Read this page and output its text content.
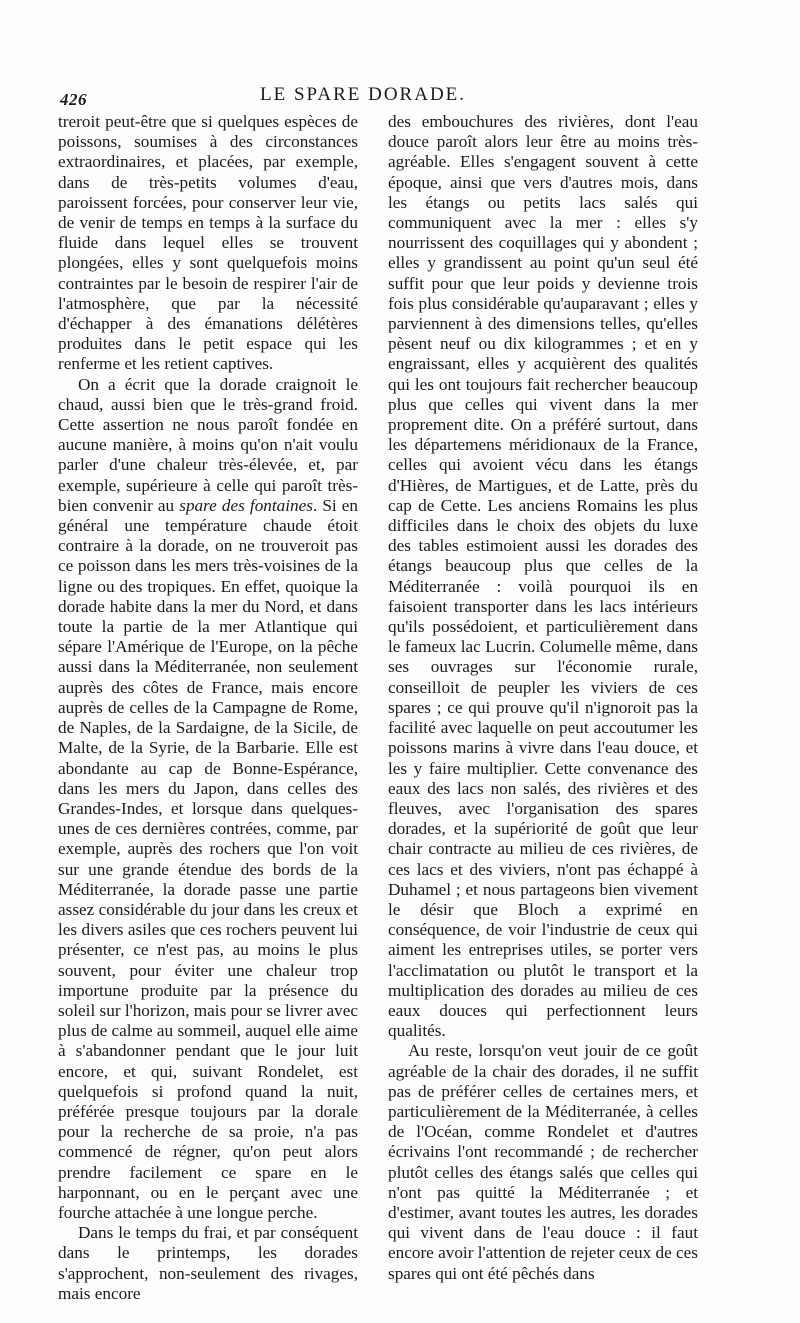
426	LE SPARE DORADE.

treroit peut-être que si quelques espèces de poissons, soumises à des circonstances extraordinaires, et placées, par exemple, dans de très-petits volumes d'eau, paroissent forcées, pour conserver leur vie, de venir de temps en temps à la surface du fluide dans lequel elles se trouvent plongées, elles y sont quelquefois moins contraintes par le besoin de respirer l'air de l'atmosphère, que par la nécessité d'échapper à des émanations délétères produites dans le petit espace qui les renferme et les retient captives.

On a écrit que la dorade craignoit le chaud, aussi bien que le très-grand froid. Cette assertion ne nous paroît fondée en aucune manière, à moins qu'on n'ait voulu parler d'une chaleur très-élevée, et, par exemple, supérieure à celle qui paroît très-bien convenir au spare des fontaines. Si en général une température chaude étoit contraire à la dorade, on ne trouveroit pas ce poisson dans les mers très-voisines de la ligne ou des tropiques. En effet, quoique la dorade habite dans la mer du Nord, et dans toute la partie de la mer Atlantique qui sépare l'Amérique de l'Europe, on la pêche aussi dans la Méditerranée, non seulement auprès des côtes de France, mais encore auprès de celles de la Campagne de Rome, de Naples, de la Sardaigne, de la Sicile, de Malte, de la Syrie, de la Barbarie. Elle est abondante au cap de Bonne-Espérance, dans les mers du Japon, dans celles des Grandes-Indes, et lorsque dans quelques-unes de ces dernières contrées, comme, par exemple, auprès des rochers que l'on voit sur une grande étendue des bords de la Méditerranée, la dorade passe une partie assez considérable du jour dans les creux et les divers asiles que ces rochers peuvent lui présenter, ce n'est pas, au moins le plus souvent, pour éviter une chaleur trop importune produite par la présence du soleil sur l'horizon, mais pour se livrer avec plus de calme au sommeil, auquel elle aime à s'abandonner pendant que le jour luit encore, et qui, suivant Rondelet, est quelquefois si profond quand la nuit, préférée presque toujours par la dorale pour la recherche de sa proie, n'a pas commencé de régner, qu'on peut alors prendre facilement ce spare en le harponnant, ou en le perçant avec une fourche attachée à une longue perche.

Dans le temps du frai, et par conséquent dans le printemps, les dorades s'approchent, non-seulement des rivages, mais encore

des embouchures des rivières, dont l'eau douce paroît alors leur être au moins très-agréable. Elles s'engagent souvent à cette époque, ainsi que vers d'autres mois, dans les étangs ou petits lacs salés qui communiquent avec la mer : elles s'y nourrissent des coquillages qui y abondent ; elles y grandissent au point qu'un seul été suffit pour que leur poids y devienne trois fois plus considérable qu'auparavant ; elles y parviennent à des dimensions telles, qu'elles pèsent neuf ou dix kilogrammes ; et en y engraissant, elles y acquièrent des qualités qui les ont toujours fait rechercher beaucoup plus que celles qui vivent dans la mer proprement dite. On a préféré surtout, dans les départemens méridionaux de la France, celles qui avoient vécu dans les étangs d'Hières, de Martigues, et de Latte, près du cap de Cette. Les anciens Romains les plus difficiles dans le choix des objets du luxe des tables estimoient aussi les dorades des étangs beaucoup plus que celles de la Méditerranée : voilà pourquoi ils en faisoient transporter dans les lacs intérieurs qu'ils possédoient, et particulièrement dans le fameux lac Lucrin. Columelle même, dans ses ouvrages sur l'économie rurale, conseilloit de peupler les viviers de ces spares ; ce qui prouve qu'il n'ignoroit pas la facilité avec laquelle on peut accoutumer les poissons marins à vivre dans l'eau douce, et les y faire multiplier. Cette convenance des eaux des lacs non salés, des rivières et des fleuves, avec l'organisation des spares dorades, et la supériorité de goût que leur chair contracte au milieu de ces rivières, de ces lacs et des viviers, n'ont pas échappé à Duhamel ; et nous partageons bien vivement le désir que Bloch a exprimé en conséquence, de voir l'industrie de ceux qui aiment les entreprises utiles, se porter vers l'acclimatation ou plutôt le transport et la multiplication des dorades au milieu de ces eaux douces qui perfectionnent leurs qualités.

Au reste, lorsqu'on veut jouir de ce goût agréable de la chair des dorades, il ne suffit pas de préférer celles de certaines mers, et particulièrement de la Méditerranée, à celles de l'Océan, comme Rondelet et d'autres écrivains l'ont recommandé ; de rechercher plutôt celles des étangs salés que celles qui n'ont pas quitté la Méditerranée ; et d'estimer, avant toutes les autres, les dorades qui vivent dans de l'eau douce : il faut encore avoir l'attention de rejeter ceux de ces spares qui ont été pêchés dans
